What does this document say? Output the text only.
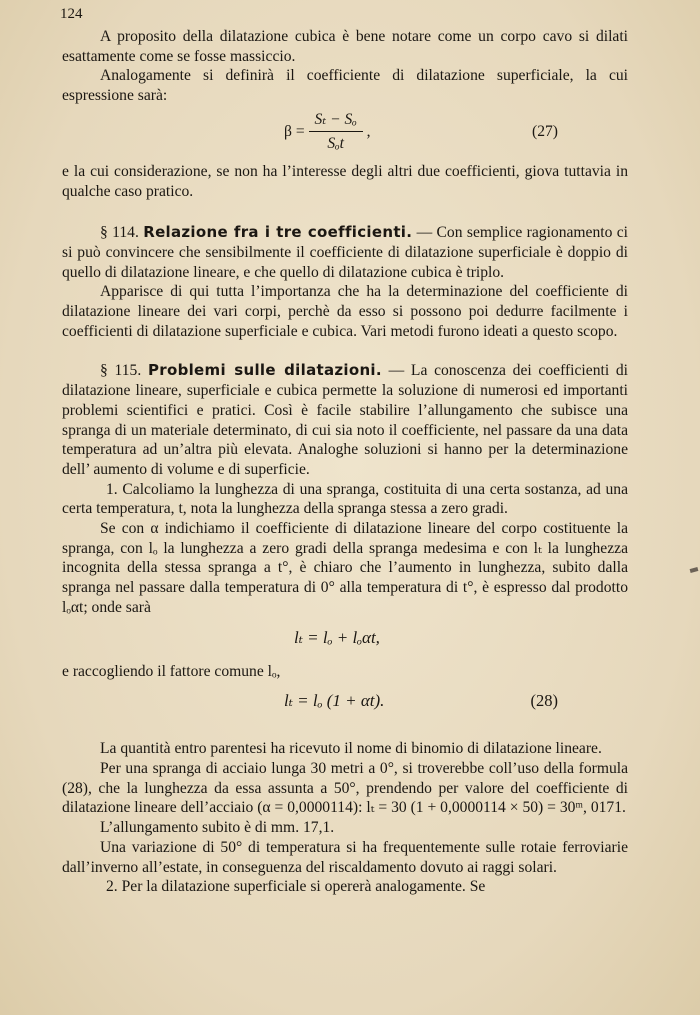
124

A proposito della dilatazione cubica è bene notare come un corpo cavo si dilati esattamente come se fosse massiccio.

Analogamente si definirà il coefficiente di dilatazione superficiale, la cui espressione sarà:

$\beta = \frac{\text{Sₜ − Sₒ}}{\text{Sₒt}}$ ,	(27)

e la cui considerazione, se non ha l’interesse degli altri due coefficienti, giova tuttavia in qualche caso pratico.

§ 114. Relazione fra i tre coefficienti. — Con semplice ragionamento ci si può convincere che sensibilmente il coefficiente di dilatazione superficiale è doppio di quello di dilatazione lineare, e che quello di dilatazione cubica è triplo.

Apparisce di qui tutta l’importanza che ha la determinazione del coefficiente di dilatazione lineare dei vari corpi, perchè da esso si possono poi dedurre facilmente i coefficienti di dilatazione superficiale e cubica. Vari metodi furono ideati a questo scopo.

§ 115. Problemi sulle dilatazioni. — La conoscenza dei coefficienti di dilatazione lineare, superficiale e cubica permette la soluzione di numerosi ed importanti problemi scientifici e pratici. Così è facile stabilire l’allungamento che subisce una spranga di un materiale determinato, di cui sia noto il coefficiente, nel passare da una data temperatura ad un’altra più elevata. Analoghe soluzioni si hanno per la determinazione dell’ aumento di volume e di superficie.

1. Calcoliamo la lunghezza di una spranga, costituita di una certa sostanza, ad una certa temperatura, t, nota la lunghezza della spranga stessa a zero gradi.

Se con α indichiamo il coefficiente di dilatazione lineare del corpo costituente la spranga, con lₒ la lunghezza a zero gradi della spranga medesima e con lₜ la lunghezza incognita della stessa spranga a t°, è chiaro che l’aumento in lunghezza, subito dalla spranga nel passare dalla temperatura di 0° alla temperatura di t°, è espresso dal prodotto lₒαt; onde sarà

lₜ = lₒ + lₒαt,

e raccogliendo il fattore comune lₒ,

lₜ = lₒ (1 + αt).	(28)

La quantità entro parentesi ha ricevuto il nome di binomio di dilatazione lineare.

Per una spranga di acciaio lunga 30 metri a 0°, si troverebbe coll’uso della formula (28), che la lunghezza da essa assunta a 50°, prendendo per valore del coefficiente di dilatazione lineare dell’acciaio (α = 0,0000114): lₜ = 30 (1 + 0,0000114 × 50) = 30ᵐ, 0171.

L’allungamento subito è di mm. 17,1.

Una variazione di 50° di temperatura si ha frequentemente sulle rotaie ferroviarie dall’inverno all’estate, in conseguenza del riscaldamento dovuto ai raggi solari.

2. Per la dilatazione superficiale si opererà analogamente. Se
